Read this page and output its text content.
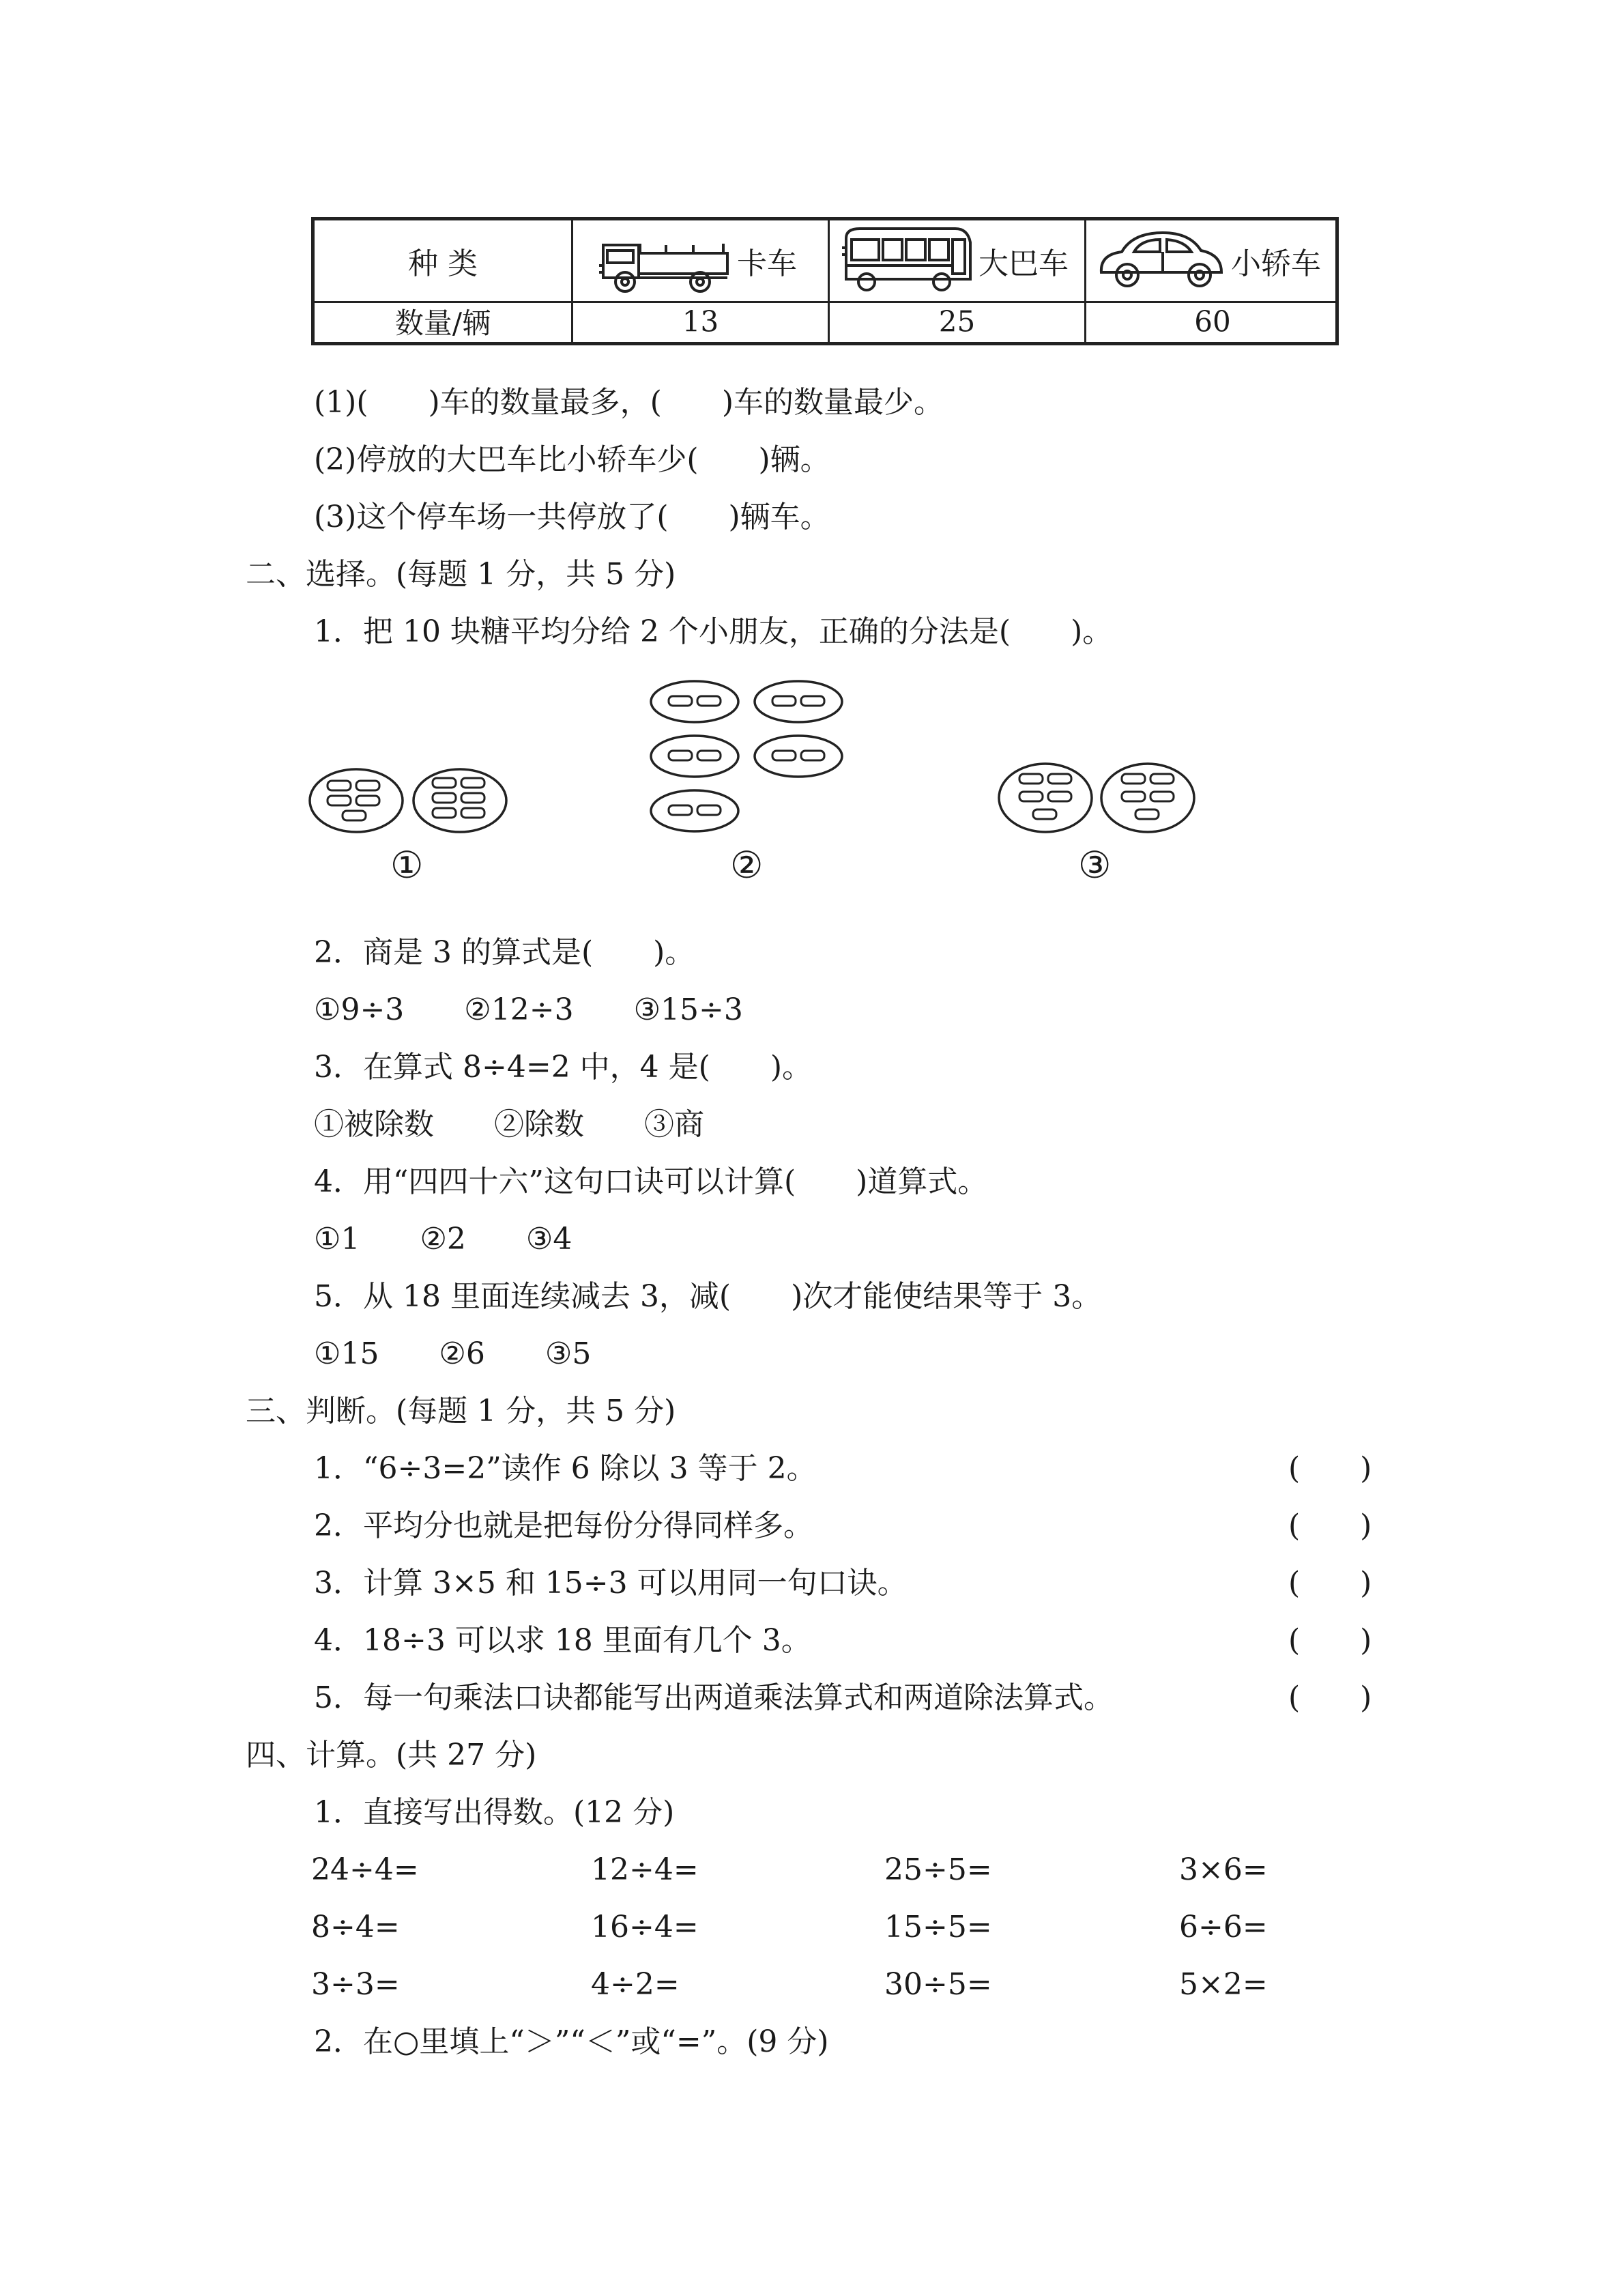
种 类	卡车	大巴车	小轿车
数量/辆	13	25	60
(1)(　　)车的数量最多，(　　)车的数量最少。
(2)停放的大巴车比小轿车少(　　)辆。
(3)这个停车场一共停放了(　　)辆车。
二、选择。(每题 1 分，共 5 分)
1．把 10 块糖平均分给 2 个小朋友，正确的分法是(　　)。
①	②	③
2．商是 3 的算式是(　　)。
①9÷3　　②12÷3　　③15÷3
3．在算式 8÷4=2 中，4 是(　　)。
①被除数　　②除数　　③商
4．用“四四十六”这句口诀可以计算(　　)道算式。
①1　　②2　　③4
5．从 18 里面连续减去 3，减(　　)次才能使结果等于 3。
①15　　②6　　③5
三、判断。(每题 1 分，共 5 分)
1．“6÷3=2”读作 6 除以 3 等于 2。	(　　)
2．平均分也就是把每份分得同样多。	(　　)
3．计算 3×5 和 15÷3 可以用同一句口诀。	(　　)
4．18÷3 可以求 18 里面有几个 3。	(　　)
5．每一句乘法口诀都能写出两道乘法算式和两道除法算式。	(　　)
四、计算。(共 27 分)
1．直接写出得数。(12 分)
24÷4=	12÷4=	25÷5=	3×6=
8÷4=	16÷4=	15÷5=	6÷6=
3÷3=	4÷2=	30÷5=	5×2=
2．在○里填上“＞”“＜”或“=”。(9 分)
